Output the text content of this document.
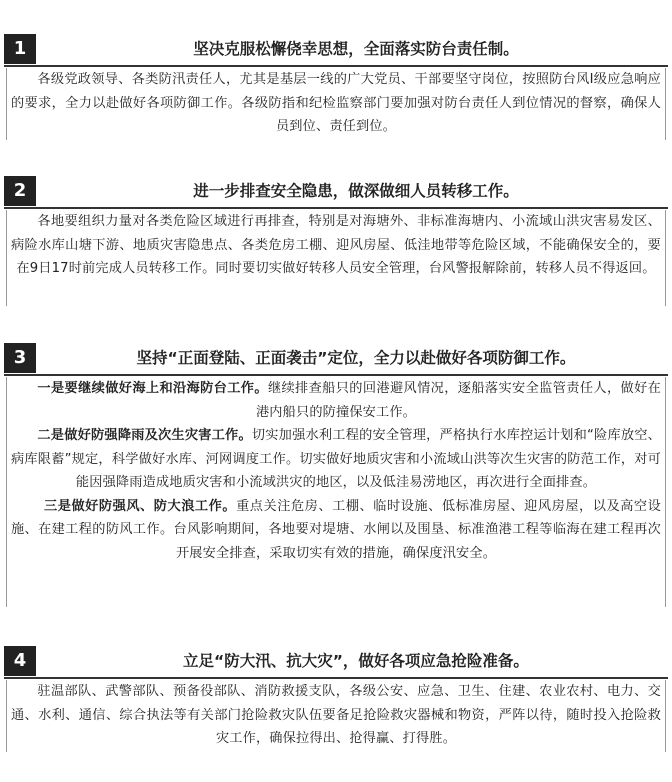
1	坚决克服松懈侥幸思想，全面落实防台责任制。

各级党政领导、各类防汛责任人，尤其是基层一线的广大党员、干部要坚守岗位，按照防台风Ⅰ级应急响应的要求，全力以赴做好各项防御工作。各级防指和纪检监察部门要加强对防台责任人到位情况的督察，确保人员到位、责任到位。

2	进一步排查安全隐患，做深做细人员转移工作。

各地要组织力量对各类危险区域进行再排查，特别是对海塘外、非标准海塘内、小流域山洪灾害易发区、病险水库山塘下游、地质灾害隐患点、各类危房工棚、迎风房屋、低洼地带等危险区域，不能确保安全的，要在9日17时前完成人员转移工作。同时要切实做好转移人员安全管理，台风警报解除前，转移人员不得返回。

3	坚持“正面登陆、正面袭击”定位，全力以赴做好各项防御工作。

一是要继续做好海上和沿海防台工作。继续排查船只的回港避风情况，逐船落实安全监管责任人，做好在港内船只的防撞保安工作。

二是做好防强降雨及次生灾害工作。切实加强水利工程的安全管理，严格执行水库控运计划和“险库放空、病库限蓄”规定，科学做好水库、河网调度工作。切实做好地质灾害和小流域山洪等次生灾害的防范工作，对可能因强降雨造成地质灾害和小流域洪灾的地区，以及低洼易涝地区，再次进行全面排查。

三是做好防强风、防大浪工作。重点关注危房、工棚、临时设施、低标准房屋、迎风房屋，以及高空设施、在建工程的防风工作。台风影响期间，各地要对堤塘、水闸以及围垦、标准渔港工程等临海在建工程再次开展安全排查，采取切实有效的措施，确保度汛安全。

4	立足“防大汛、抗大灾”，做好各项应急抢险准备。

驻温部队、武警部队、预备役部队、消防救援支队，各级公安、应急、卫生、住建、农业农村、电力、交通、水利、通信、综合执法等有关部门抢险救灾队伍要备足抢险救灾器械和物资，严阵以待，随时投入抢险救灾工作，确保拉得出、抢得赢、打得胜。
